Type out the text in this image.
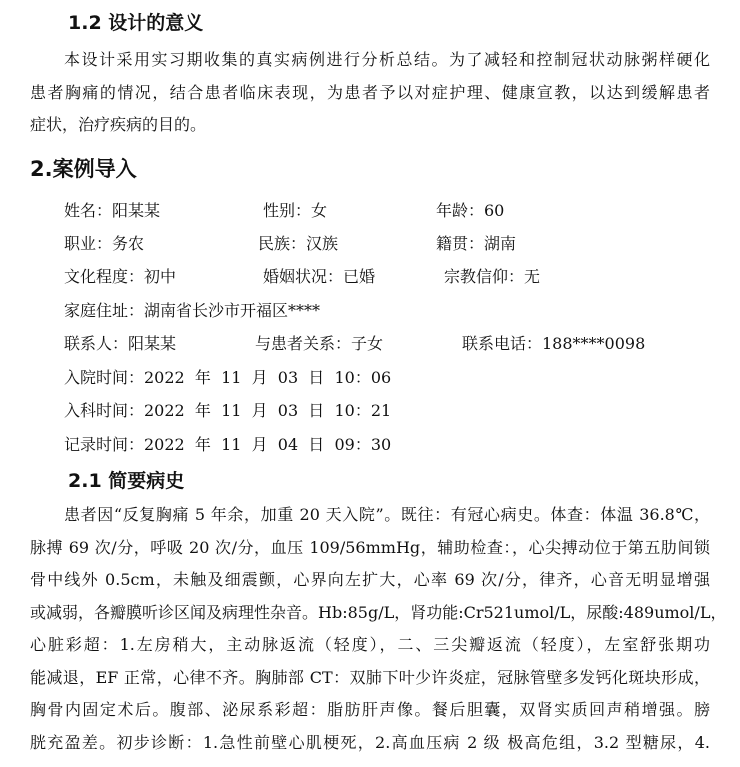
1.2 设计的意义
本设计采用实习期收集的真实病例进行分析总结。为了减轻和控制冠状动脉粥样硬化
患者胸痛的情况，结合患者临床表现，为患者予以对症护理、健康宣教，以达到缓解患者
症状，治疗疾病的目的。
2.案例导入
姓名：阳某某	性别：女	年龄：60
职业：务农	民族：汉族	籍贯：湖南
文化程度：初中	婚姻状况：已婚	宗教信仰：无
家庭住址：湖南省长沙市开福区****
联系人：阳某某	与患者关系：子女	联系电话：188****0098
入院时间：2022  年  11  月  03  日  10：06
入科时间：2022  年  11  月  03  日  10：21
记录时间：2022  年  11  月  04  日  09：30
2.1 简要病史
患者因“反复胸痛 5 年余，加重 20 天入院”。既往：有冠心病史。体查：体温 36.8℃，
脉搏 69 次/分，呼吸 20 次/分，血压 109/56mmHg，辅助检查：，心尖搏动位于第五肋间锁
骨中线外 0.5cm，未触及细震颤，心界向左扩大，心率 69 次/分，律齐，心音无明显增强
或减弱，各瓣膜听诊区闻及病理性杂音。Hb:85g/L，肾功能:Cr521umol/L，尿酸:489umol/L，
心脏彩超：1.左房稍大，主动脉返流（轻度），二、三尖瓣返流（轻度），左室舒张期功
能减退，EF 正常，心律不齐。胸肺部 CT：双肺下叶少许炎症，冠脉管壁多发钙化斑块形成，
胸骨内固定术后。腹部、泌尿系彩超：脂肪肝声像。餐后胆囊，双肾实质回声稍增强。膀
胱充盈差。初步诊断：1.急性前壁心肌梗死，2.高血压病 2 级 极高危组，3.2 型糖尿，4.
